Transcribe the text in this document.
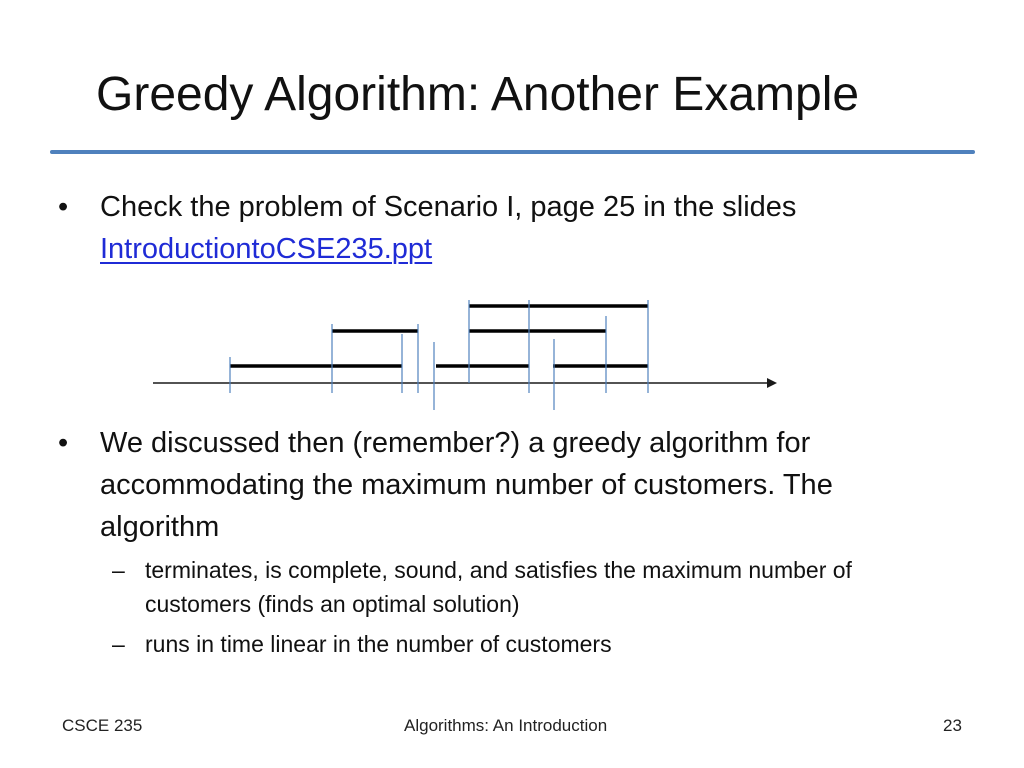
Greedy Algorithm: Another Example
•	Check the problem of Scenario I, page 25 in the slides
IntroductiontoCSE235.ppt
•	We discussed then (remember?) a greedy algorithm for
accommodating the maximum number of customers. The
algorithm
– terminates, is complete, sound, and satisfies the maximum number of
customers (finds an optimal solution)
– runs in time linear in the number of customers
CSCE 235	Algorithms: An Introduction	23
